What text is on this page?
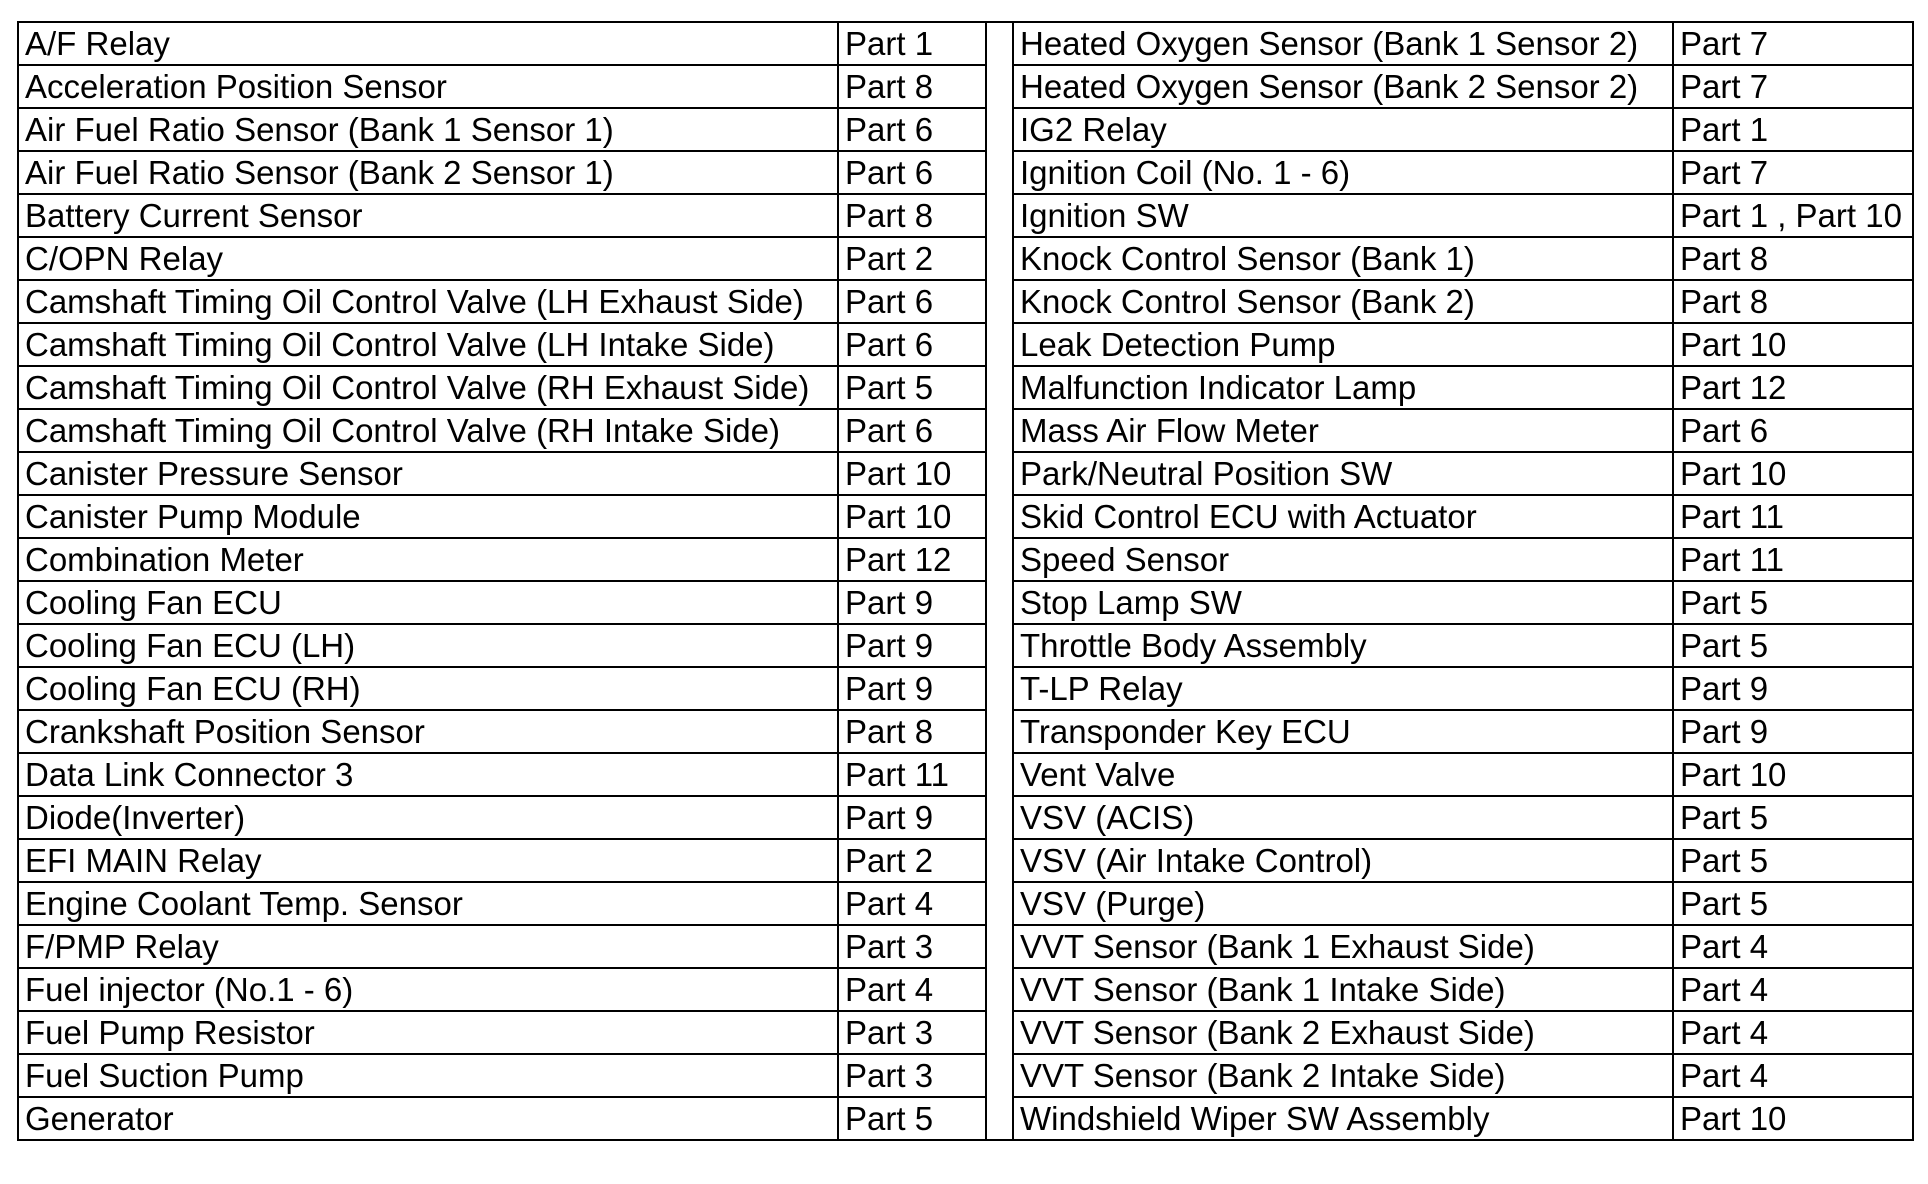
A/F Relay	Part 1		Heated Oxygen Sensor (Bank 1 Sensor 2)	Part 7
Acceleration Position Sensor	Part 8		Heated Oxygen Sensor (Bank 2 Sensor 2)	Part 7
Air Fuel Ratio Sensor (Bank 1 Sensor 1)	Part 6		IG2 Relay	Part 1
Air Fuel Ratio Sensor (Bank 2 Sensor 1)	Part 6		Ignition Coil (No. 1 - 6)	Part 7
Battery Current Sensor	Part 8		Ignition SW	Part 1 , Part 10
C/OPN Relay	Part 2		Knock Control Sensor (Bank 1)	Part 8
Camshaft Timing Oil Control Valve (LH Exhaust Side)	Part 6		Knock Control Sensor (Bank 2)	Part 8
Camshaft Timing Oil Control Valve (LH Intake Side)	Part 6		Leak Detection Pump	Part 10
Camshaft Timing Oil Control Valve (RH Exhaust Side)	Part 5		Malfunction Indicator Lamp	Part 12
Camshaft Timing Oil Control Valve (RH Intake Side)	Part 6		Mass Air Flow Meter	Part 6
Canister Pressure Sensor	Part 10		Park/Neutral Position SW	Part 10
Canister Pump Module	Part 10		Skid Control ECU with Actuator	Part 11
Combination Meter	Part 12		Speed Sensor	Part 11
Cooling Fan ECU	Part 9		Stop Lamp SW	Part 5
Cooling Fan ECU (LH)	Part 9		Throttle Body Assembly	Part 5
Cooling Fan ECU (RH)	Part 9		T-LP Relay	Part 9
Crankshaft Position Sensor	Part 8		Transponder Key ECU	Part 9
Data Link Connector 3	Part 11		Vent Valve	Part 10
Diode(Inverter)	Part 9		VSV (ACIS)	Part 5
EFI MAIN Relay	Part 2		VSV (Air Intake Control)	Part 5
Engine Coolant Temp. Sensor	Part 4		VSV (Purge)	Part 5
F/PMP Relay	Part 3		VVT Sensor (Bank 1 Exhaust Side)	Part 4
Fuel injector (No.1 - 6)	Part 4		VVT Sensor (Bank 1 Intake Side)	Part 4
Fuel Pump Resistor	Part 3		VVT Sensor (Bank 2 Exhaust Side)	Part 4
Fuel Suction Pump	Part 3		VVT Sensor (Bank 2 Intake Side)	Part 4
Generator	Part 5		Windshield Wiper SW Assembly	Part 10
